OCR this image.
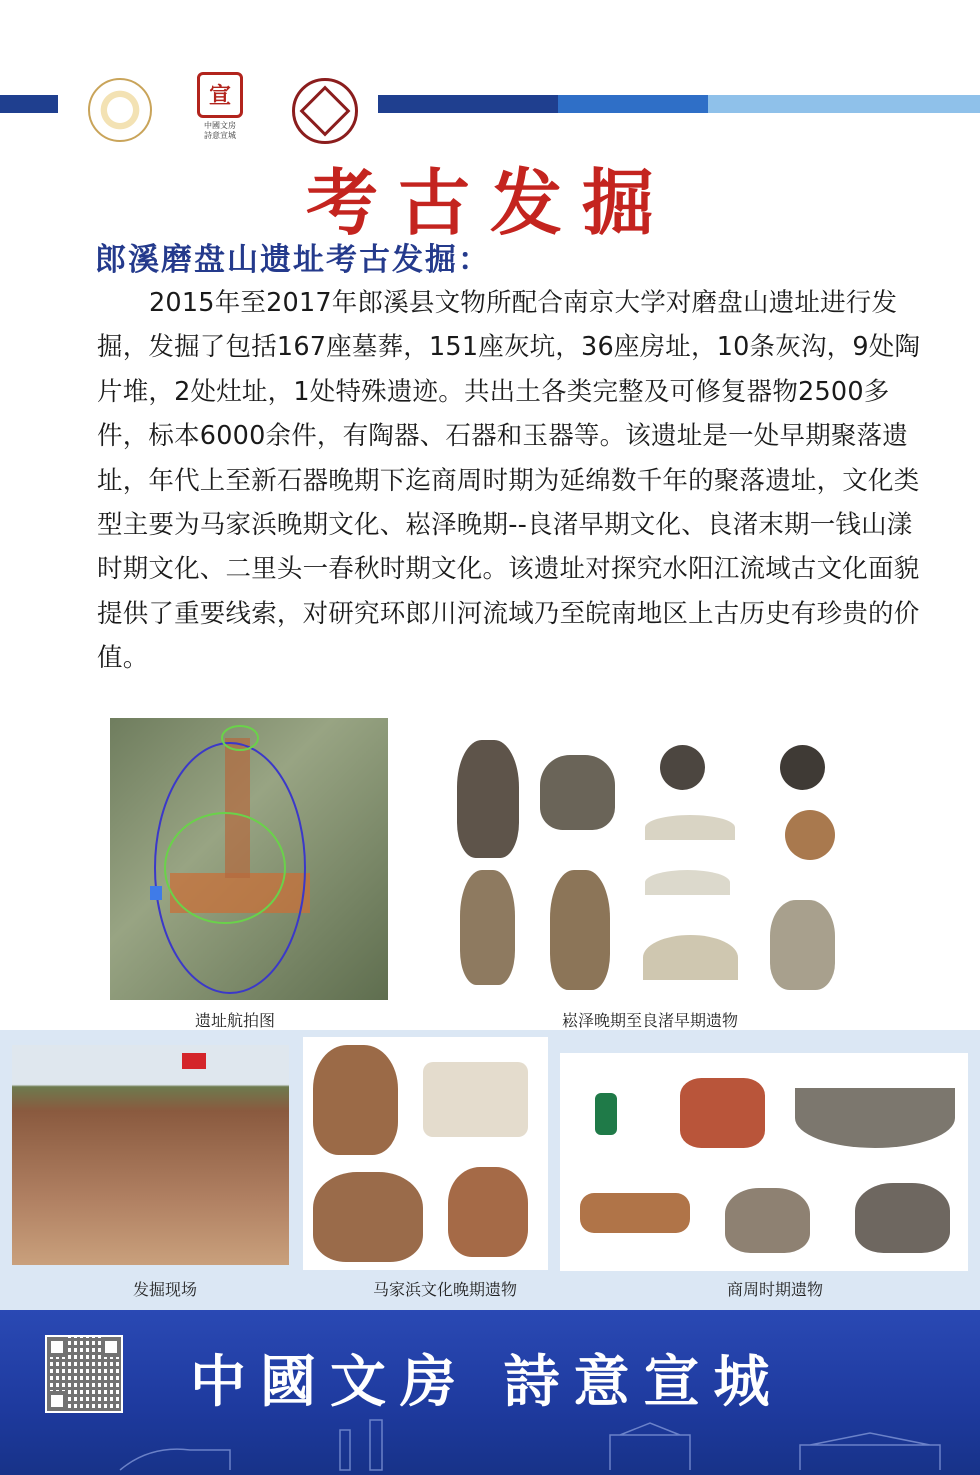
宣
中國文房
詩意宣城
考古发掘
郎溪磨盘山遗址考古发掘：
2015年至2017年郎溪县文物所配合南京大学对磨盘山遗址进行发掘，发掘了包括167座墓葬，151座灰坑，36座房址，10条灰沟，9处陶片堆，2处灶址，1处特殊遗迹。共出土各类完整及可修复器物2500多件，标本6000余件，有陶器、石器和玉器等。该遗址是一处早期聚落遗址，年代上至新石器晚期下迄商周时期为延绵数千年的聚落遗址，文化类型主要为马家浜晚期文化、崧泽晚期--良渚早期文化、良渚末期一钱山漾时期文化、二里头一春秋时期文化。该遗址对探究水阳江流域古文化面貌提供了重要线索，对研究环郎川河流域乃至皖南地区上古历史有珍贵的价值。
遗址航拍图	崧泽晚期至良渚早期遗物
发掘现场	马家浜文化晚期遗物	商周时期遗物
中國文房 詩意宣城
